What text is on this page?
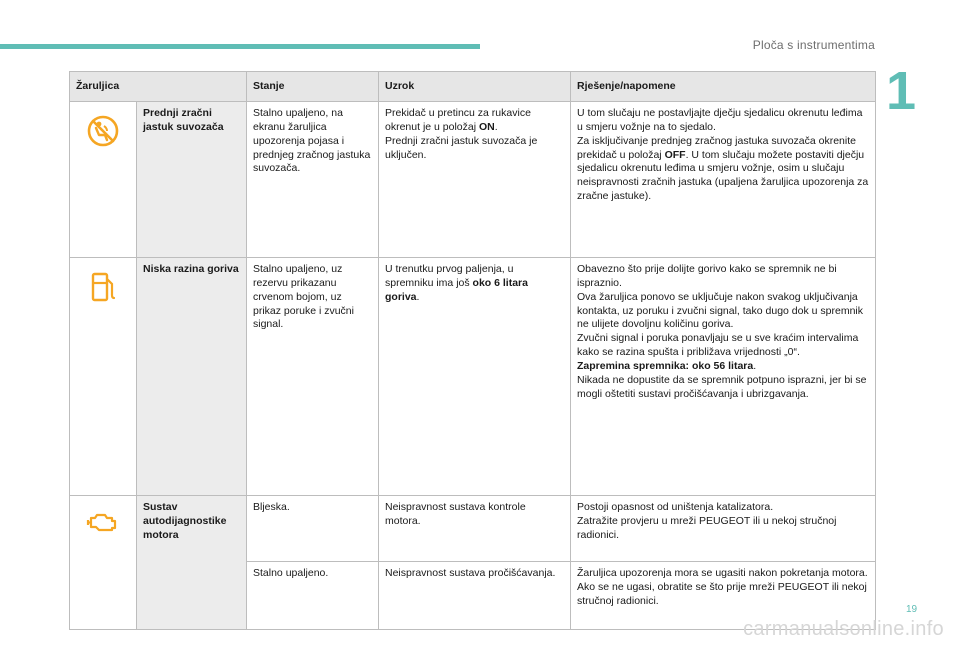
Ploča s instrumentima
1
Žaruljica		Stanje	Uzrok	Rješenje/napomene

	Prednji zračni jastuk suvozača	Stalno upaljeno, na ekranu žaruljica upozorenja pojasa i prednjeg zračnog jastuka suvozača.	Prekidač u pretincu za rukavice okrenut je u položaj ON.
Prednji zračni jastuk suvozača je uključen.	U tom slučaju ne postavljajte dječju sjedalicu okrenutu leđima u smjeru vožnje na to sjedalo.
Za isključivanje prednjeg zračnog jastuka suvozača okrenite prekidač u položaj OFF. U tom slučaju možete postaviti dječju sjedalicu okrenutu leđima u smjeru vožnje, osim u slučaju neispravnosti zračnih jastuka (upaljena žaruljica upozorenja za zračne jastuke).

	Niska razina goriva	Stalno upaljeno, uz rezervu prikazanu crvenom bojom, uz prikaz poruke i zvučni signal.	U trenutku prvog paljenja, u spremniku ima još oko 6 litara goriva.	Obavezno što prije dolijte gorivo kako se spremnik ne bi ispraznio.
Ova žaruljica ponovo se uključuje nakon svakog uključivanja kontakta, uz poruku i zvučni signal, tako dugo dok u spremnik ne ulijete dovoljnu količinu goriva.
Zvučni signal i poruka ponavljaju se u sve kraćim intervalima kako se razina spušta i približava vrijednosti „0“.
Zapremina spremnika: oko 56 litara.
Nikada ne dopustite da se spremnik potpuno isprazni, jer bi se mogli oštetiti sustavi pročišćavanja i ubrizgavanja.

	Sustav autodijagnostike motora	Bljeska.	Neispravnost sustava kontrole motora.	Postoji opasnost od uništenja katalizatora.
Zatražite provjeru u mreži PEUGEOT ili u nekoj stručnoj radionici.
		Stalno upaljeno.	Neispravnost sustava pročišćavanja.	Žaruljica upozorenja mora se ugasiti nakon pokretanja motora.
Ako se ne ugasi, obratite se što prije mreži PEUGEOT ili nekoj stručnoj radionici.
19
carmanualsonline.info
